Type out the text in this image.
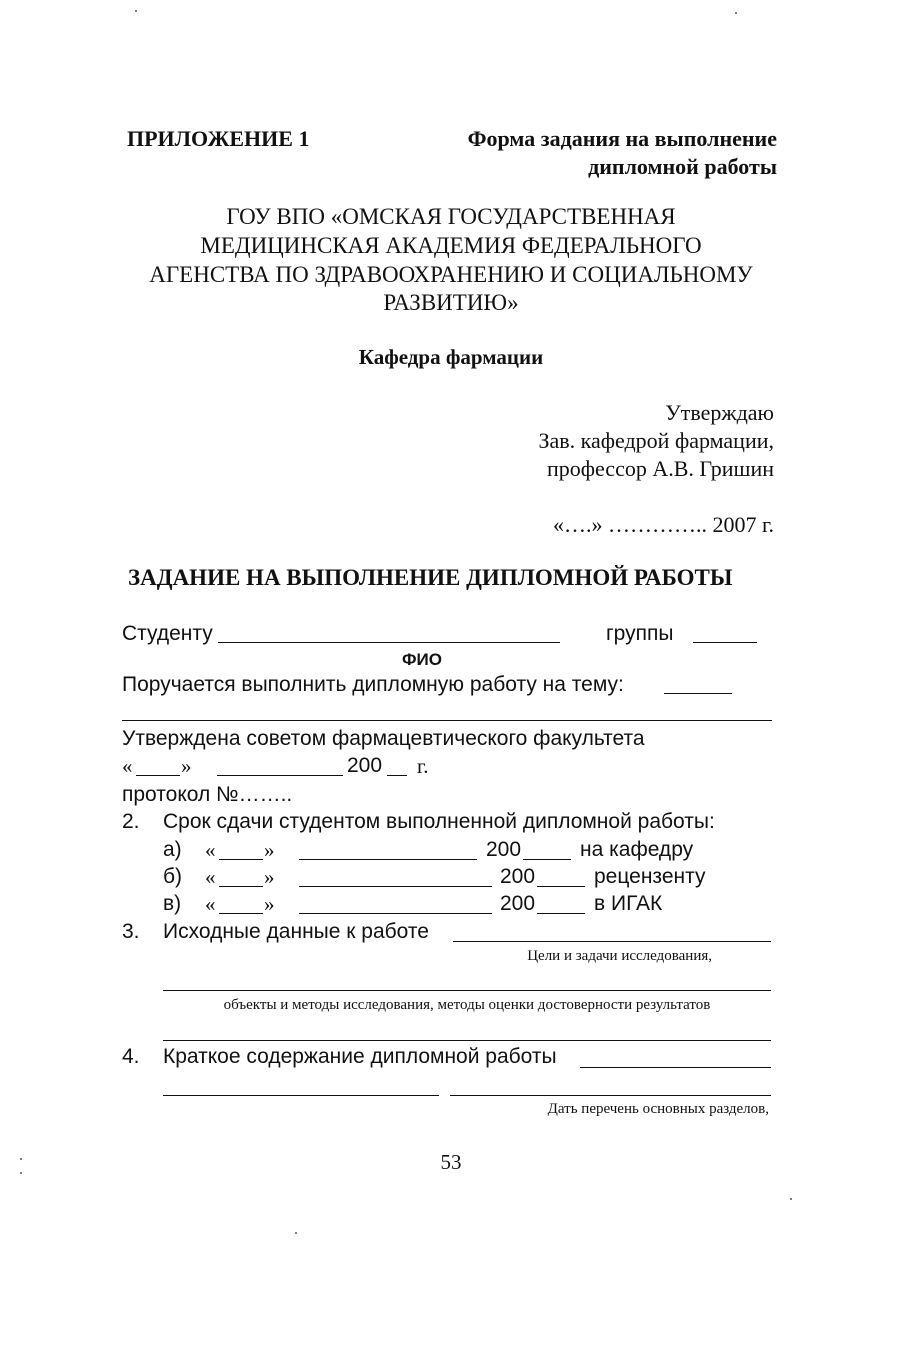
ПРИЛОЖЕНИЕ 1	Форма задания на выполнение
дипломной работы
ГОУ ВПО «ОМСКАЯ ГОСУДАРСТВЕННАЯ
МЕДИЦИНСКАЯ АКАДЕМИЯ ФЕДЕРАЛЬНОГО
АГЕНСТВА ПО ЗДРАВООХРАНЕНИЮ И СОЦИАЛЬНОМУ
РАЗВИТИЮ»
Кафедра фармации
Утверждаю
Зав. кафедрой фармации,
профессор А.В. Гришин
«….» ………….. 2007 г.
ЗАДАНИЕ НА ВЫПОЛНЕНИЕ ДИПЛОМНОЙ РАБОТЫ
Студенту	группы
ФИО
Поручается выполнить дипломную работу на тему:
Утверждена советом фармацевтического факультета
« »	200 г.
протокол №……..
2. Срок сдачи студентом выполненной дипломной работы:
а) « »	200	на кафедру
б) « »	200	рецензенту
в) « »	200	в ИГАК
3. Исходные данные к работе
Цели и задачи исследования,
объекты и методы исследования, методы оценки достоверности результатов
4. Краткое содержание дипломной работы
Дать перечень основных разделов,
53
